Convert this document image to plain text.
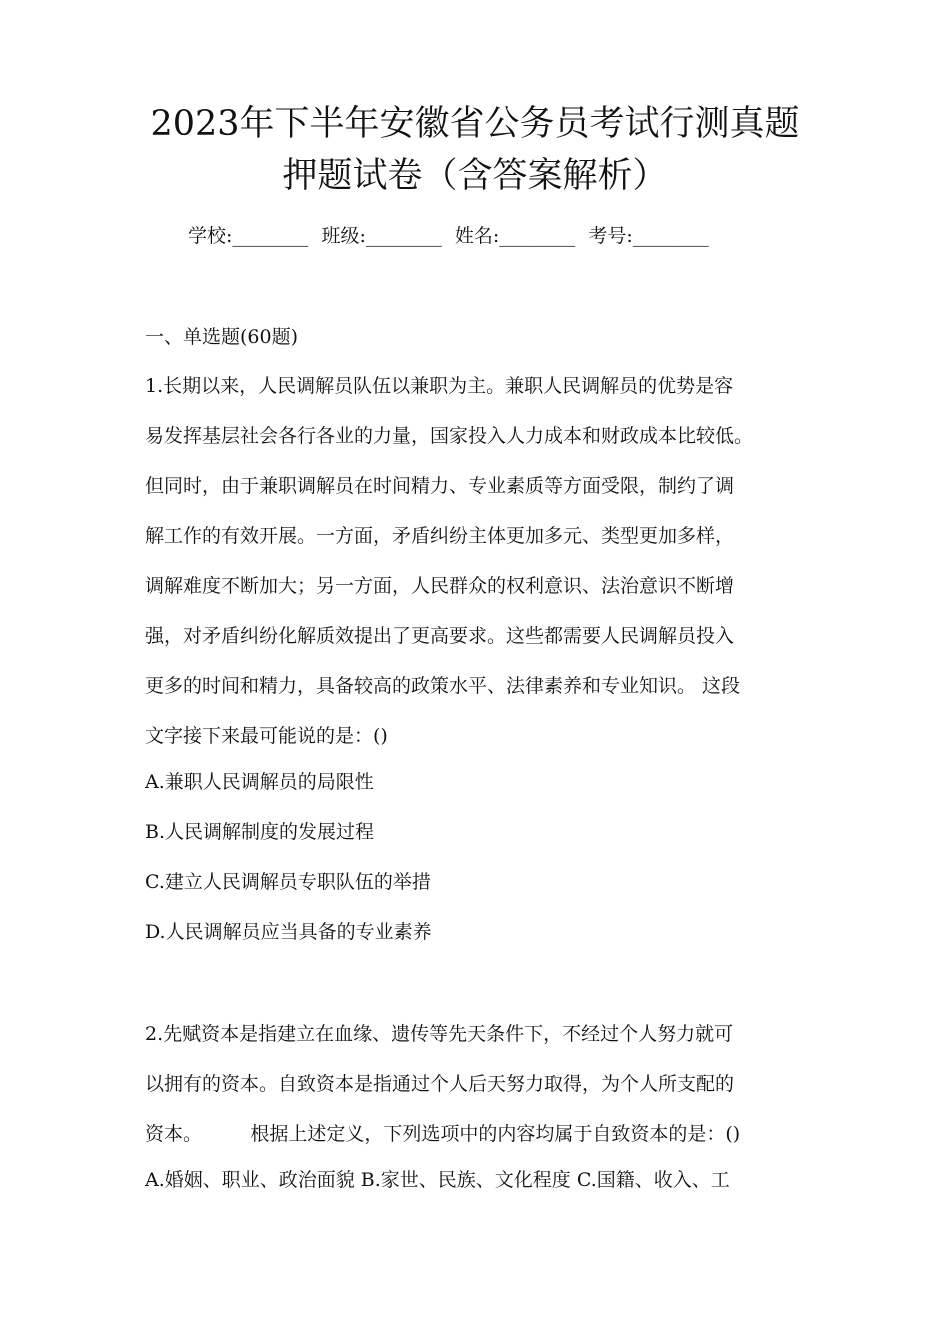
2023年下半年安徽省公务员考试行测真题
押题试卷（含答案解析）
学校:________ 班级:________ 姓名:________ 考号:________
一、单选题(60题)
1.长期以来，人民调解员队伍以兼职为主。兼职人民调解员的优势是容
易发挥基层社会各行各业的力量，国家投入人力成本和财政成本比较低。
但同时，由于兼职调解员在时间精力、专业素质等方面受限，制约了调
解工作的有效开展。一方面，矛盾纠纷主体更加多元、类型更加多样，
调解难度不断加大；另一方面，人民群众的权利意识、法治意识不断增
强，对矛盾纠纷化解质效提出了更高要求。这些都需要人民调解员投入
更多的时间和精力，具备较高的政策水平、法律素养和专业知识。 这段
文字接下来最可能说的是：()
A.兼职人民调解员的局限性
B.人民调解制度的发展过程
C.建立人民调解员专职队伍的举措
D.人民调解员应当具备的专业素养
2.先赋资本是指建立在血缘、遗传等先天条件下，不经过个人努力就可
以拥有的资本。自致资本是指通过个人后天努力取得，为个人所支配的
资本。        根据上述定义，下列选项中的内容均属于自致资本的是：()
A.婚姻、职业、政治面貌 B.家世、民族、文化程度 C.国籍、收入、工
